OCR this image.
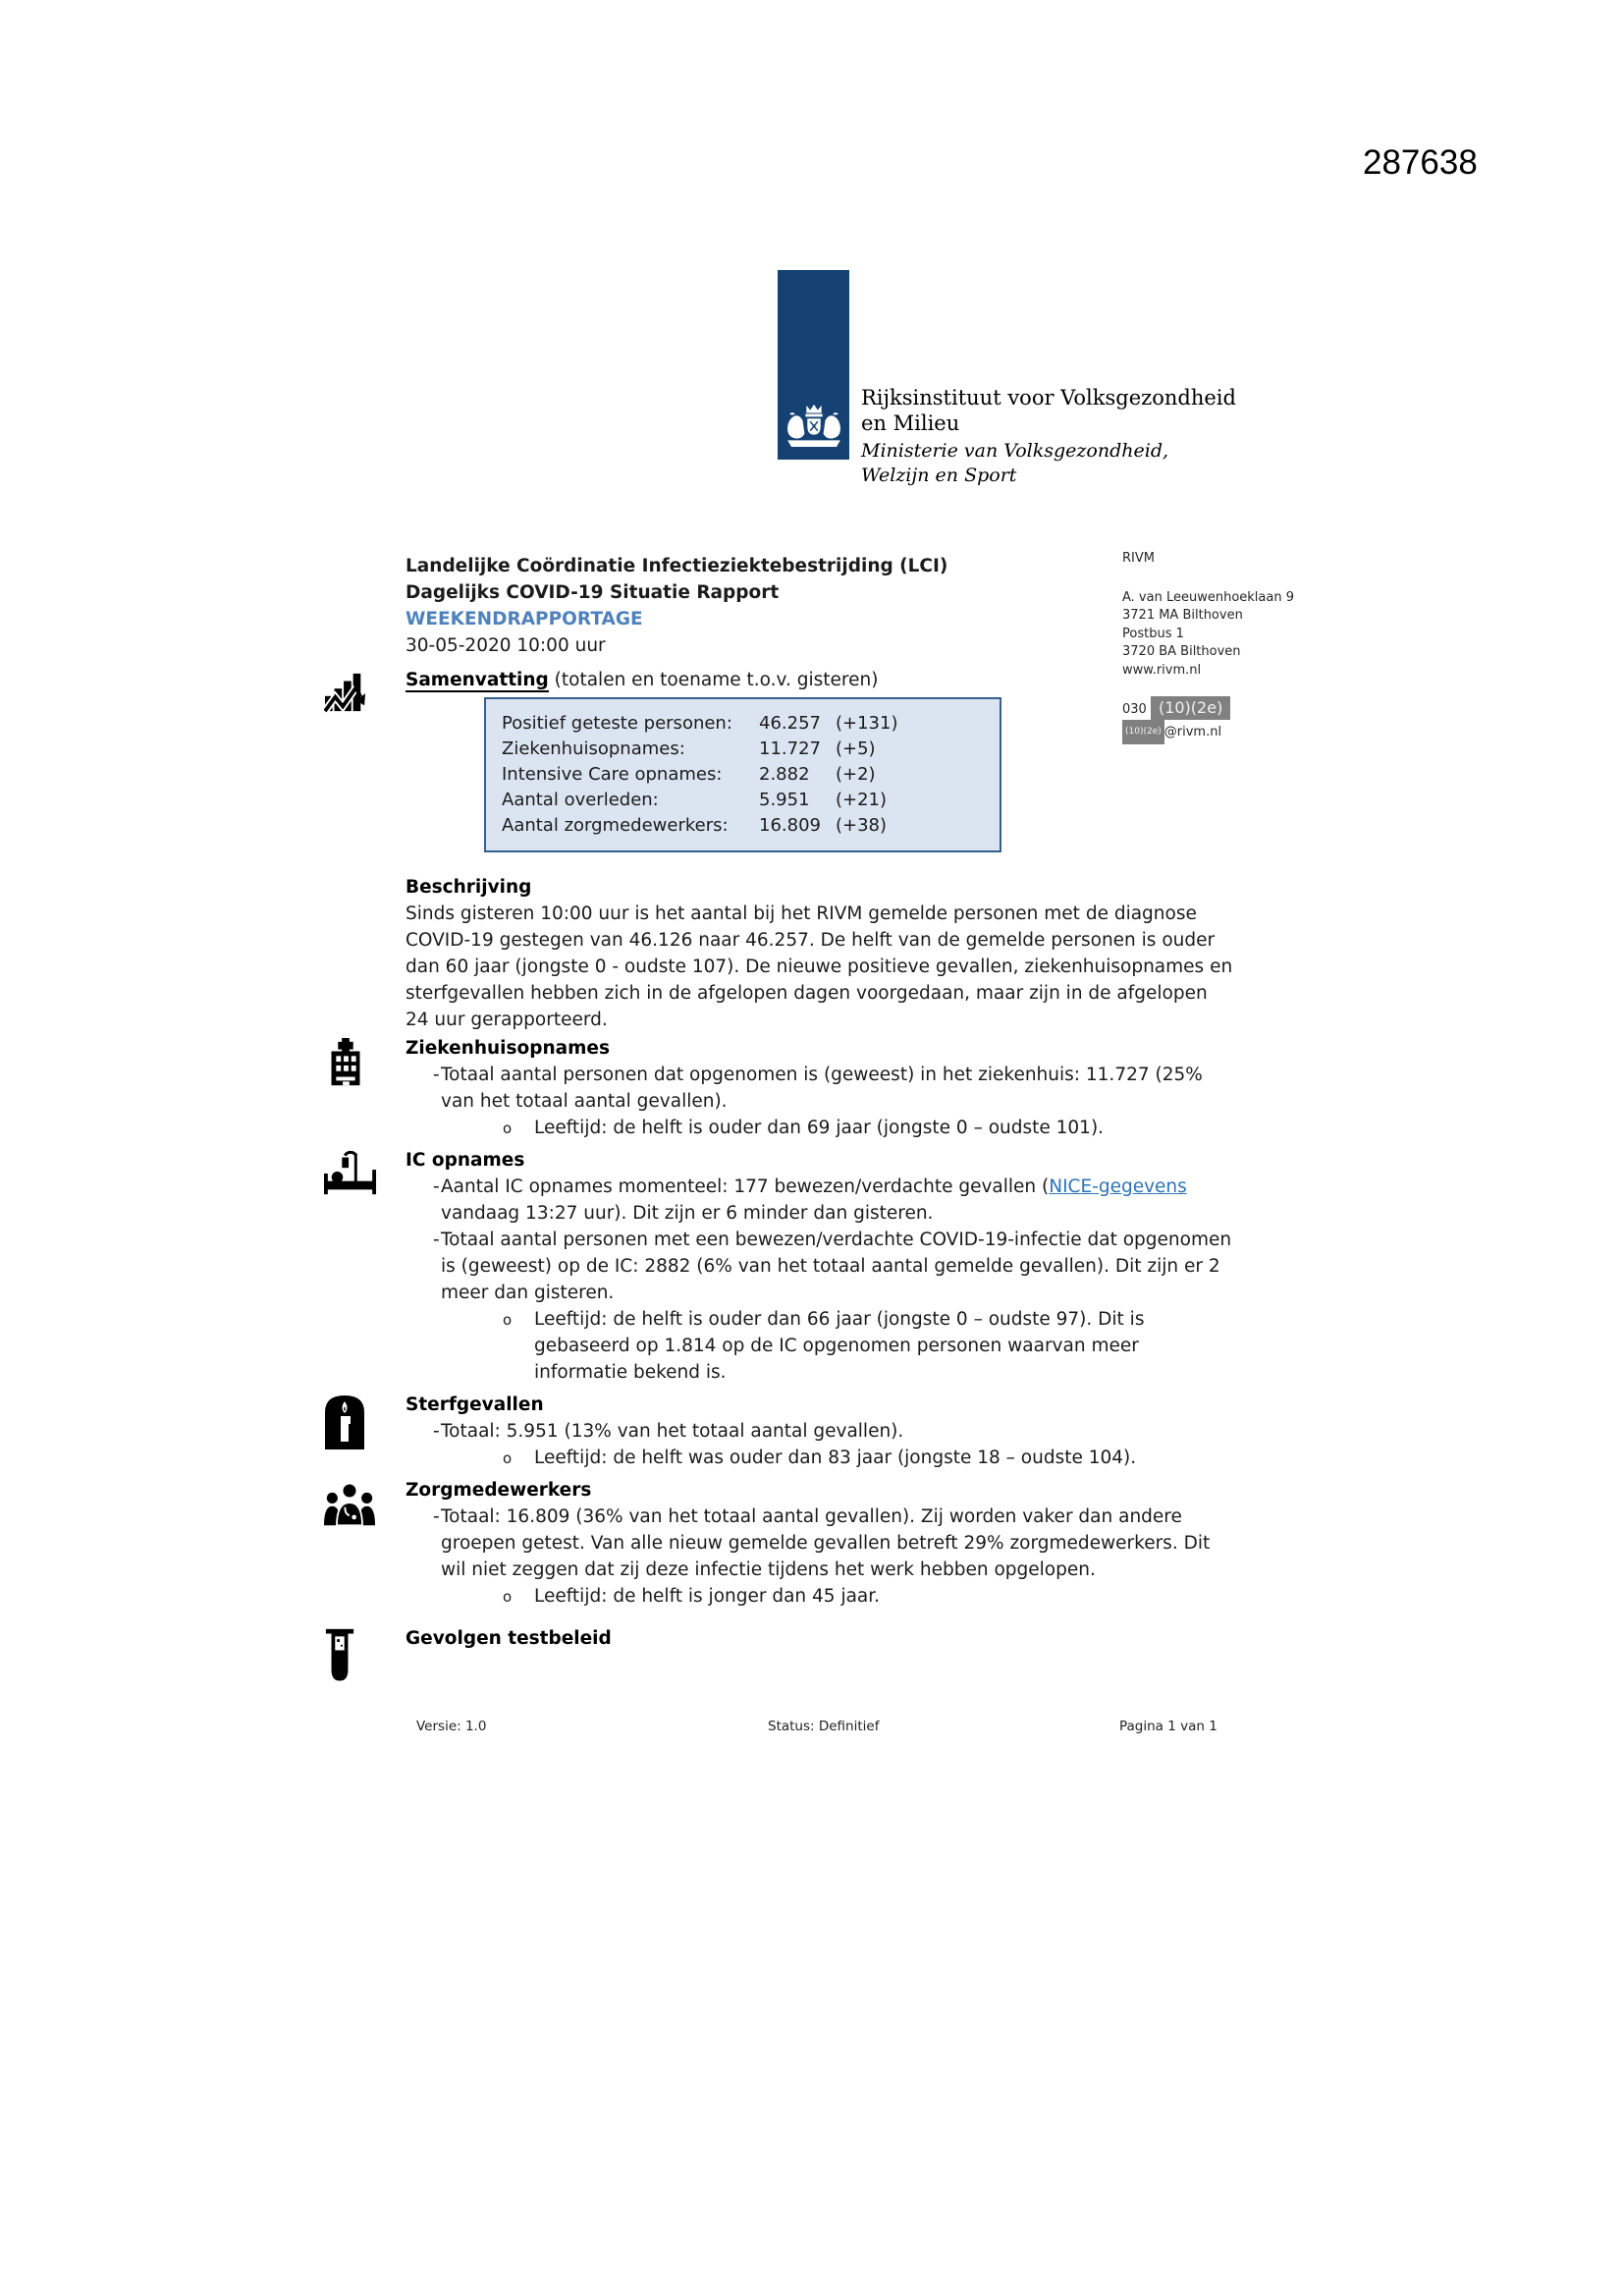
287638
Rijksinstituut voor Volksgezondheid
en Milieu
Ministerie van Volksgezondheid,
Welzijn en Sport
RIVM
A. van Leeuwenhoeklaan 9
3721 MA Bilthoven
Postbus 1
3720 BA Bilthoven
www.rivm.nl
030 (10)(2e)
(10)(2e) @rivm.nl
Landelijke Coördinatie Infectieziektebestrijding (LCI)
Dagelijks COVID-19 Situatie Rapport
WEEKENDRAPPORTAGE
30-05-2020 10:00 uur
Samenvatting (totalen en toename t.o.v. gisteren)
Positief geteste personen:	46.257 (+131)
Ziekenhuisopnames:	11.727 (+5)
Intensive Care opnames:	2.882	(+2)
Aantal overleden:	5.951	(+21)
Aantal zorgmedewerkers:	16.809 (+38)
Beschrijving
Sinds gisteren 10:00 uur is het aantal bij het RIVM gemelde personen met de diagnose COVID-19 gestegen van 46.126 naar 46.257. De helft van de gemelde personen is ouder dan 60 jaar (jongste 0 - oudste 107). De nieuwe positieve gevallen, ziekenhuisopnames en sterfgevallen hebben zich in de afgelopen dagen voorgedaan, maar zijn in de afgelopen 24 uur gerapporteerd.
Ziekenhuisopnames
- Totaal aantal personen dat opgenomen is (geweest) in het ziekenhuis: 11.727 (25% van het totaal aantal gevallen).
o	Leeftijd: de helft is ouder dan 69 jaar (jongste 0 – oudste 101).
IC opnames
- Aantal IC opnames momenteel: 177 bewezen/verdachte gevallen (NICE-gegevens vandaag 13:27 uur). Dit zijn er 6 minder dan gisteren.
- Totaal aantal personen met een bewezen/verdachte COVID-19-infectie dat opgenomen is (geweest) op de IC: 2882 (6% van het totaal aantal gemelde gevallen). Dit zijn er 2 meer dan gisteren.
o	Leeftijd: de helft is ouder dan 66 jaar (jongste 0 – oudste 97). Dit is gebaseerd op 1.814 op de IC opgenomen personen waarvan meer informatie bekend is.
Sterfgevallen
- Totaal: 5.951 (13% van het totaal aantal gevallen).
o	Leeftijd: de helft was ouder dan 83 jaar (jongste 18 – oudste 104).
Zorgmedewerkers
- Totaal: 16.809 (36% van het totaal aantal gevallen). Zij worden vaker dan andere groepen getest. Van alle nieuw gemelde gevallen betreft 29% zorgmedewerkers. Dit wil niet zeggen dat zij deze infectie tijdens het werk hebben opgelopen.
o	Leeftijd: de helft is jonger dan 45 jaar.
Gevolgen testbeleid
Versie: 1.0	Status: Definitief	Pagina 1 van 1
